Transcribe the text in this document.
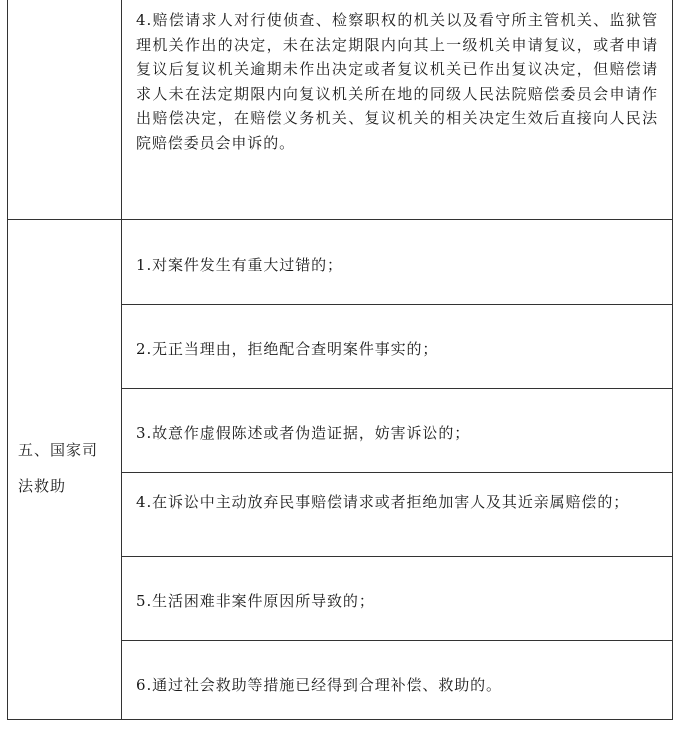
4.赔偿请求人对行使侦查、检察职权的机关以及看守所主管机关、监狱管理机关作出的决定，未在法定期限内向其上一级机关申请复议，或者申请复议后复议机关逾期未作出决定或者复议机关已作出复议决定，但赔偿请求人未在法定期限内向复议机关所在地的同级人民法院赔偿委员会申请作出赔偿决定，在赔偿义务机关、复议机关的相关决定生效后直接向人民法院赔偿委员会申诉的。

五、国家司
法救助

1.对案件发生有重大过错的；

2.无正当理由，拒绝配合查明案件事实的；

3.故意作虚假陈述或者伪造证据，妨害诉讼的；

4.在诉讼中主动放弃民事赔偿请求或者拒绝加害人及其近亲属赔偿的；

5.生活困难非案件原因所导致的；

6.通过社会救助等措施已经得到合理补偿、救助的。
